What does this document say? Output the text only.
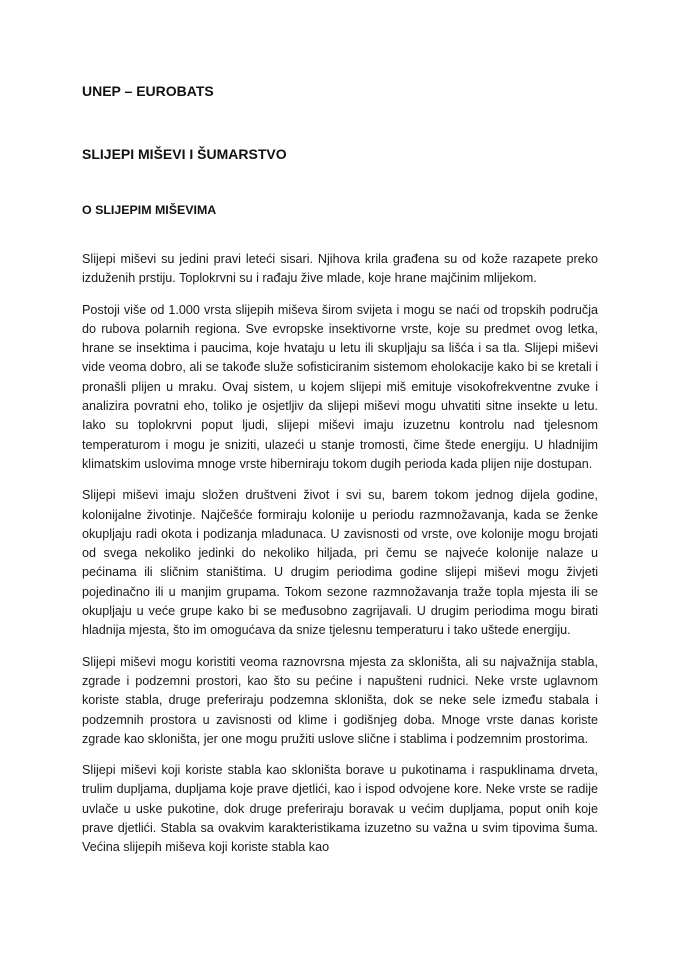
UNEP – EUROBATS
SLIJEPI MIŠEVI I ŠUMARSTVO
O SLIJEPIM MIŠEVIMA

Slijepi miševi su jedini pravi leteći sisari. Njihova krila građena su od kože razapete preko izduženih prstiju. Toplokrvni su i rađaju žive mlade, koje hrane majčinim mlijekom.

Postoji više od 1.000 vrsta slijepih miševa širom svijeta i mogu se naći od tropskih područja do rubova polarnih regiona. Sve evropske insektivorne vrste, koje su predmet ovog letka, hrane se insektima i paucima, koje hvataju u letu ili skupljaju sa lišća i sa tla. Slijepi miševi vide veoma dobro, ali se takođe služe sofisticiranim sistemom eholokacije kako bi se kretali i pronašli plijen u mraku. Ovaj sistem, u kojem slijepi miš emituje visokofrekventne zvuke i analizira povratni eho, toliko je osjetljiv da slijepi miševi mogu uhvatiti sitne insekte u letu. Iako su toplokrvni poput ljudi, slijepi miševi imaju izuzetnu kontrolu nad tjelesnom temperaturom i mogu je sniziti, ulazeći u stanje tromosti, čime štede energiju. U hladnijim klimatskim uslovima mnoge vrste hiberniraju tokom dugih perioda kada plijen nije dostupan.

Slijepi miševi imaju složen društveni život i svi su, barem tokom jednog dijela godine, kolonijalne životinje. Najčešće formiraju kolonije u periodu razmnožavanja, kada se ženke okupljaju radi okota i podizanja mladunaca. U zavisnosti od vrste, ove kolonije mogu brojati od svega nekoliko jedinki do nekoliko hiljada, pri čemu se najveće kolonije nalaze u pećinama ili sličnim staništima. U drugim periodima godine slijepi miševi mogu živjeti pojedinačno ili u manjim grupama. Tokom sezone razmnožavanja traže topla mjesta ili se okupljaju u veće grupe kako bi se međusobno zagrijavali. U drugim periodima mogu birati hladnija mjesta, što im omogućava da snize tjelesnu temperaturu i tako uštede energiju.

Slijepi miševi mogu koristiti veoma raznovrsna mjesta za skloništa, ali su najvažnija stabla, zgrade i podzemni prostori, kao što su pećine i napušteni rudnici. Neke vrste uglavnom koriste stabla, druge preferiraju podzemna skloništa, dok se neke sele između stabala i podzemnih prostora u zavisnosti od klime i godišnjeg doba. Mnoge vrste danas koriste zgrade kao skloništa, jer one mogu pružiti uslove slične i stablima i podzemnim prostorima.

Slijepi miševi koji koriste stabla kao skloništa borave u pukotinama i raspuklinama drveta, trulim dupljama, dupljama koje prave djetlići, kao i ispod odvojene kore. Neke vrste se radije uvlače u uske pukotine, dok druge preferiraju boravak u većim dupljama, poput onih koje prave djetlići. Stabla sa ovakvim karakteristikama izuzetno su važna u svim tipovima šuma. Većina slijepih miševa koji koriste stabla kao
